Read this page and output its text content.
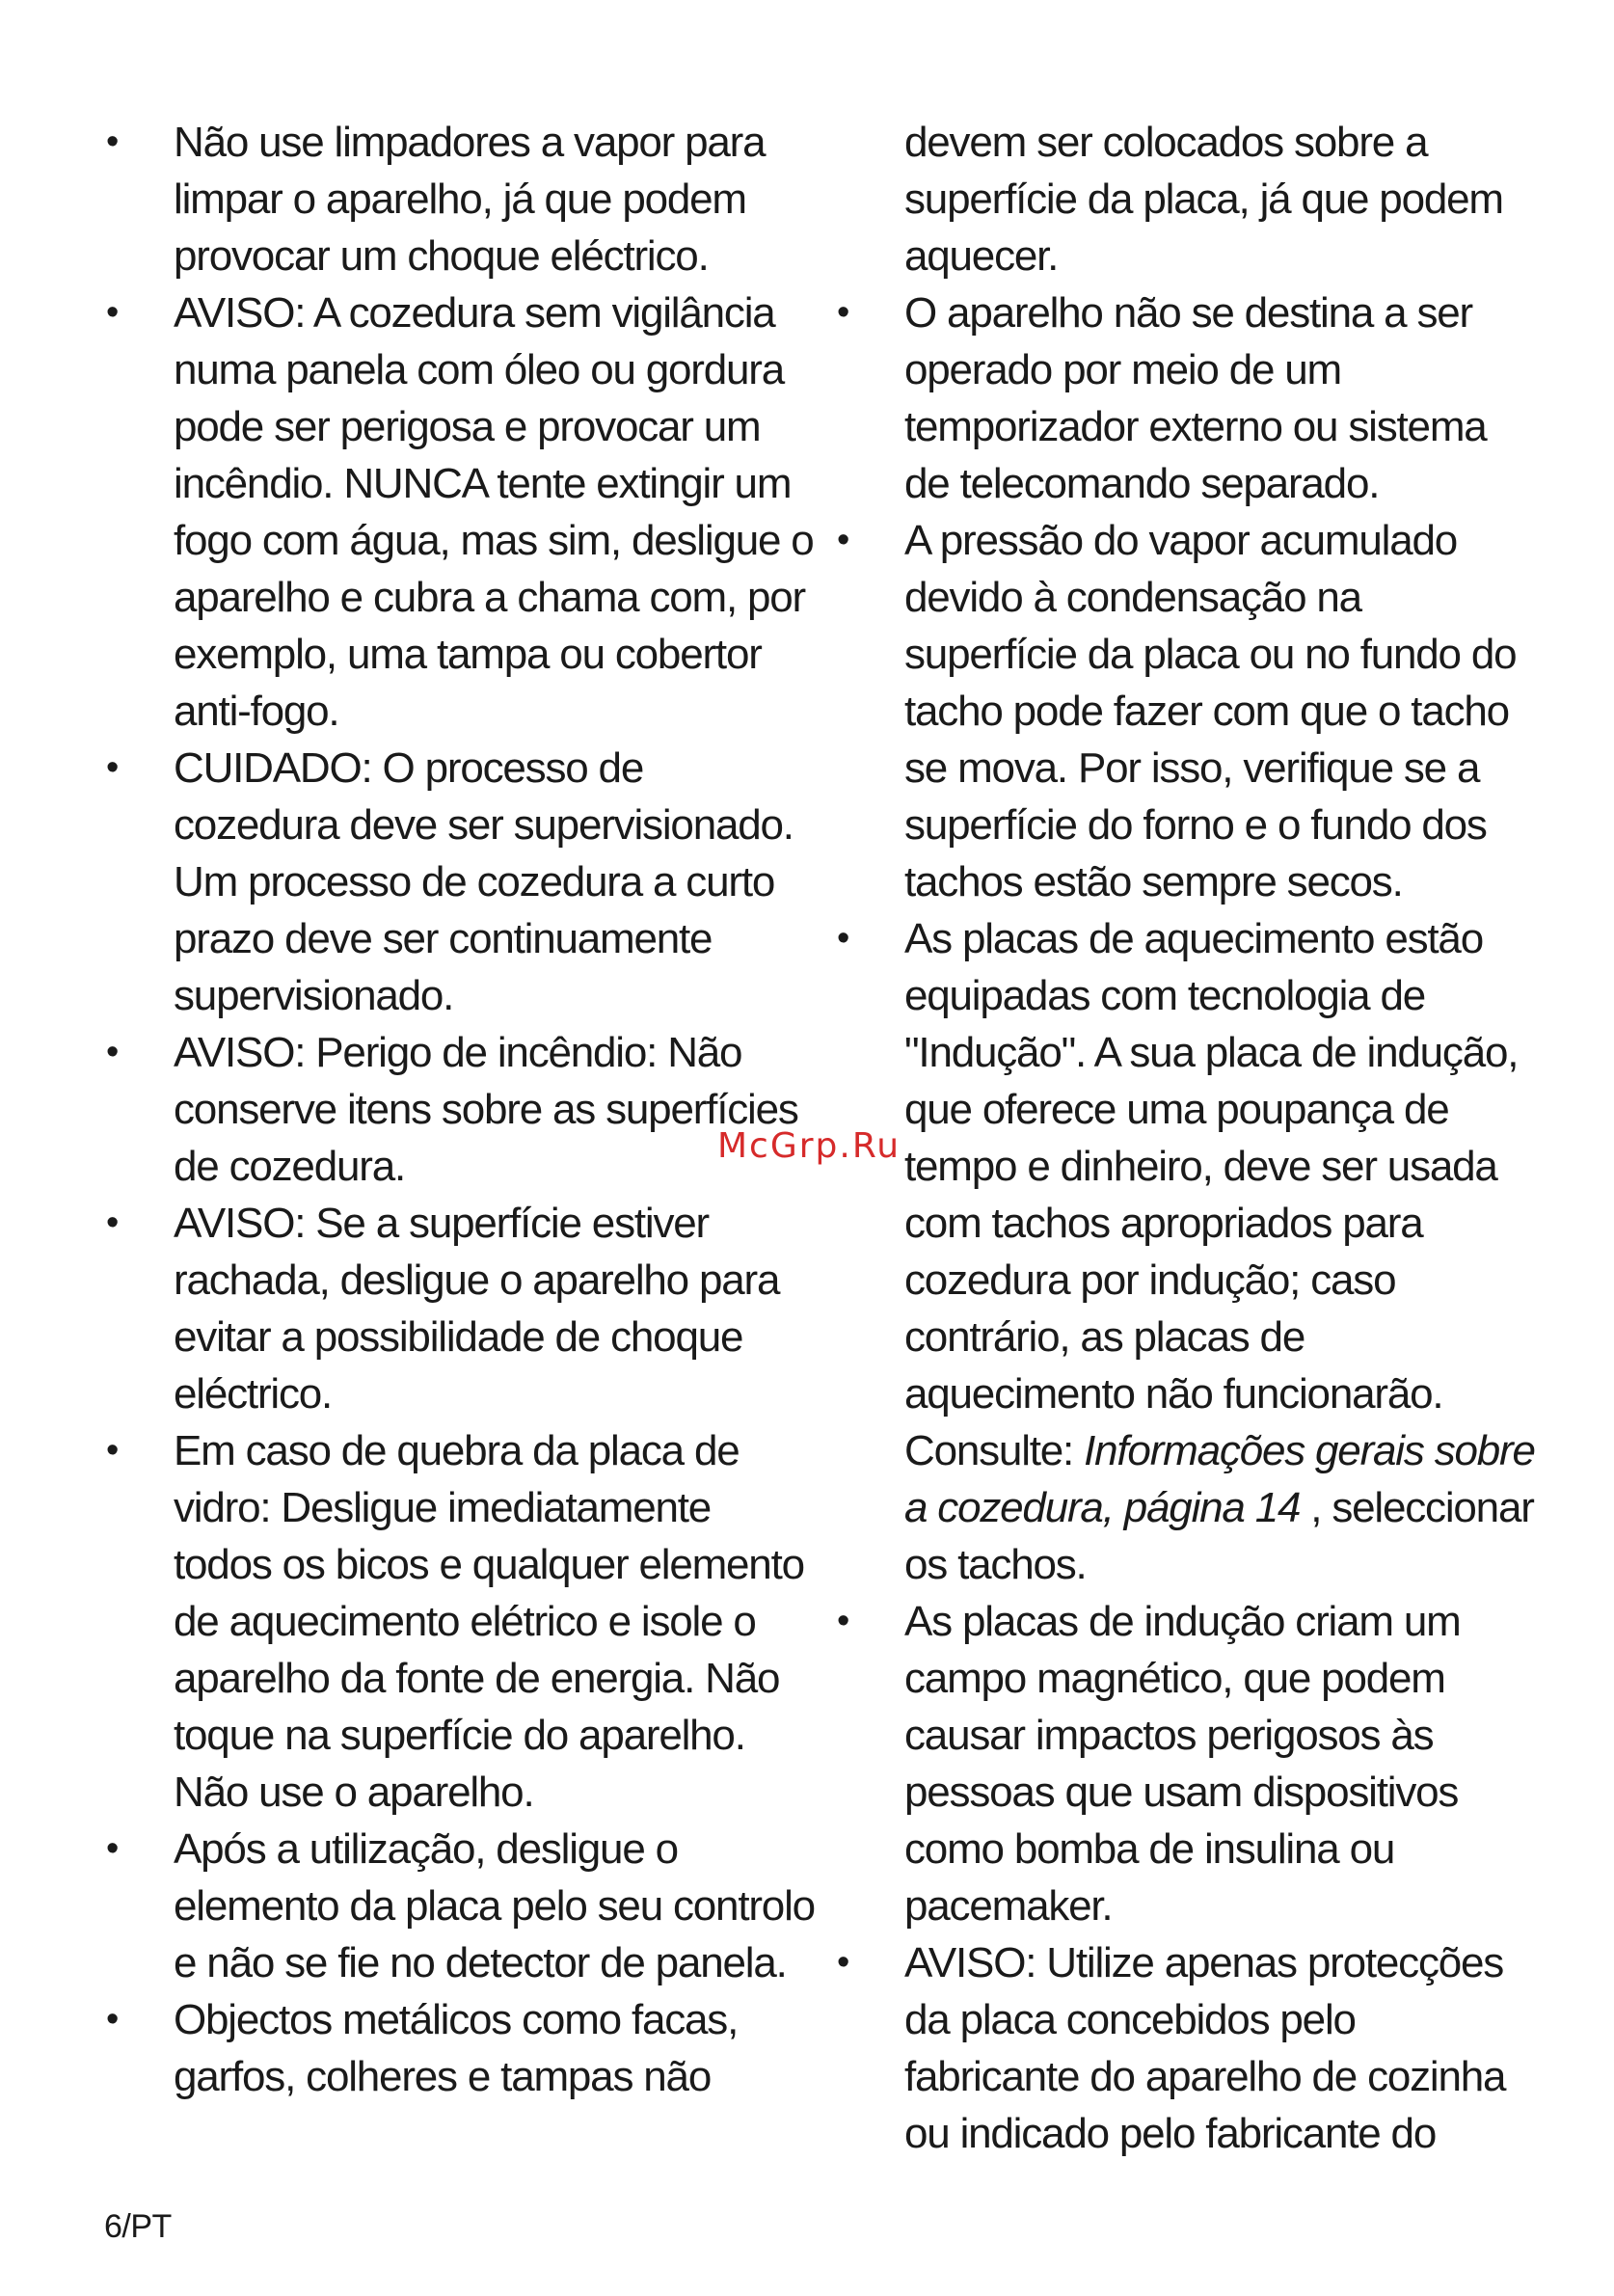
• Não use limpadores a vapor para limpar o aparelho, já que podem provocar um choque eléctrico.
• AVISO: A cozedura sem vigilância numa panela com óleo ou gordura pode ser perigosa e provocar um incêndio. NUNCA tente extingir um fogo com água, mas sim, desligue o aparelho e cubra a chama com, por exemplo, uma tampa ou cobertor anti-fogo.
• CUIDADO: O processo de cozedura deve ser supervisionado. Um processo de cozedura a curto prazo deve ser continuamente supervisionado.
• AVISO: Perigo de incêndio: Não conserve itens sobre as superfícies de cozedura.
• AVISO: Se a superfície estiver rachada, desligue o aparelho para evitar a possibilidade de choque eléctrico.
• Em caso de quebra da placa de vidro: Desligue imediatamente todos os bicos e qualquer elemento de aquecimento elétrico e isole o aparelho da fonte de energia. Não toque na superfície do aparelho. Não use o aparelho.
• Após a utilização, desligue o elemento da placa pelo seu controlo e não se fie no detector de panela.
• Objectos metálicos como facas, garfos, colheres e tampas não
devem ser colocados sobre a superfície da placa, já que podem aquecer.
• O aparelho não se destina a ser operado por meio de um temporizador externo ou sistema de telecomando separado.
• A pressão do vapor acumulado devido à condensação na superfície da placa ou no fundo do tacho pode fazer com que o tacho se mova. Por isso, verifique se a superfície do forno e o fundo dos tachos estão sempre secos.
• As placas de aquecimento estão equipadas com tecnologia de "Indução". A sua placa de indução, que oferece uma poupança de tempo e dinheiro, deve ser usada com tachos apropriados para cozedura por indução; caso contrário, as placas de aquecimento não funcionarão. Consulte: Informações gerais sobre a cozedura, página 14 , seleccionar os tachos.
• As placas de indução criam um campo magnético, que podem causar impactos perigosos às pessoas que usam dispositivos como bomba de insulina ou pacemaker.
• AVISO: Utilize apenas protecções da placa concebidos pelo fabricante do aparelho de cozinha ou indicado pelo fabricante do
McGrp.Ru
6/PT
